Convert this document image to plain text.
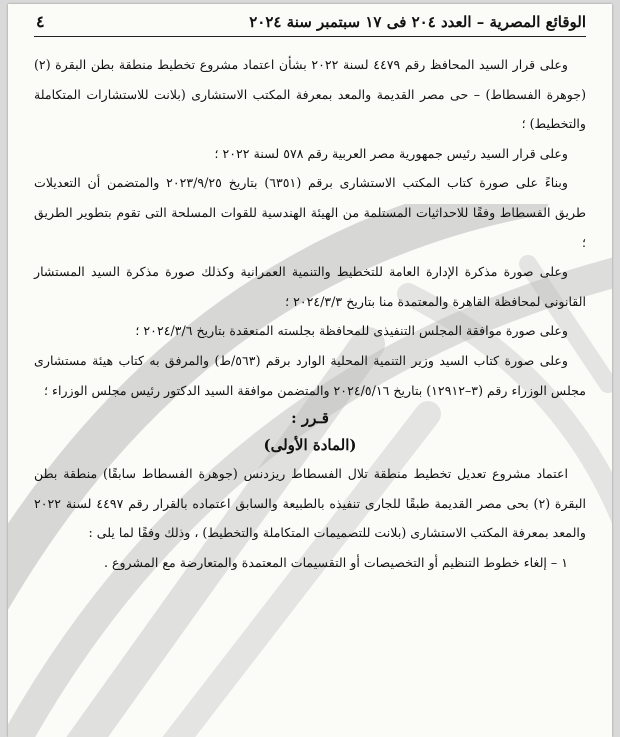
الوقائع المصرية – العدد ٢٠٤ فى ١٧ سبتمبر سنة ٢٠٢٤
٤

وعلى قرار السيد المحافظ رقم ٤٤٧٩ لسنة ٢٠٢٢ بشأن اعتماد مشروع تخطيط منطقة بطن البقرة (٢) (جوهرة الفسطاط) – حى مصر القديمة والمعد بمعرفة المكتب الاستشارى (بلانت للاستشارات المتكاملة والتخطيط) ؛

وعلى قرار السيد رئيس جمهورية مصر العربية رقم ٥٧٨ لسنة ٢٠٢٢ ؛

وبناءً على صورة كتاب المكتب الاستشارى برقم (٦٣٥١) بتاريخ ٢٠٢٣/٩/٢٥ والمتضمن أن التعديلات طريق الفسطاط وفقًا للاحداثيات المستلمة من الهيئة الهندسية للقوات المسلحة التى تقوم بتطوير الطريق ؛

وعلى صورة مذكرة الإدارة العامة للتخطيط والتنمية العمرانية وكذلك صورة مذكرة السيد المستشار القانونى لمحافظة القاهرة والمعتمدة منا بتاريخ ٢٠٢٤/٣/٣ ؛

وعلى صورة موافقة المجلس التنفيذى للمحافظة بجلسته المنعقدة بتاريخ ٢٠٢٤/٣/٦ ؛

وعلى صورة كتاب السيد وزير التنمية المحلية الوارد برقم (٥٦٣/ط) والمرفق به كتاب هيئة مستشارى مجلس الوزراء رقم (٣–١٢٩١٢) بتاريخ ٢٠٢٤/٥/١٦ والمتضمن موافقة السيد الدكتور رئيس مجلس الوزراء ؛

قـرر :

(المادة الأولى)

اعتماد مشروع تعديل تخطيط منطقة تلال الفسطاط ريزدنس (جوهرة الفسطاط سابقًا) منطقة بطن البقرة (٢) بحى مصر القديمة طبقًا للجارى تنفيذه بالطبيعة والسابق اعتماده بالقرار رقم ٤٤٩٧ لسنة ٢٠٢٢ والمعد بمعرفة المكتب الاستشارى (بلانت للتصميمات المتكاملة والتخطيط) ، وذلك وفقًا لما يلى :

١ – إلغاء خطوط التنظيم أو التخصيصات أو التقسيمات المعتمدة والمتعارضة مع المشروع .
